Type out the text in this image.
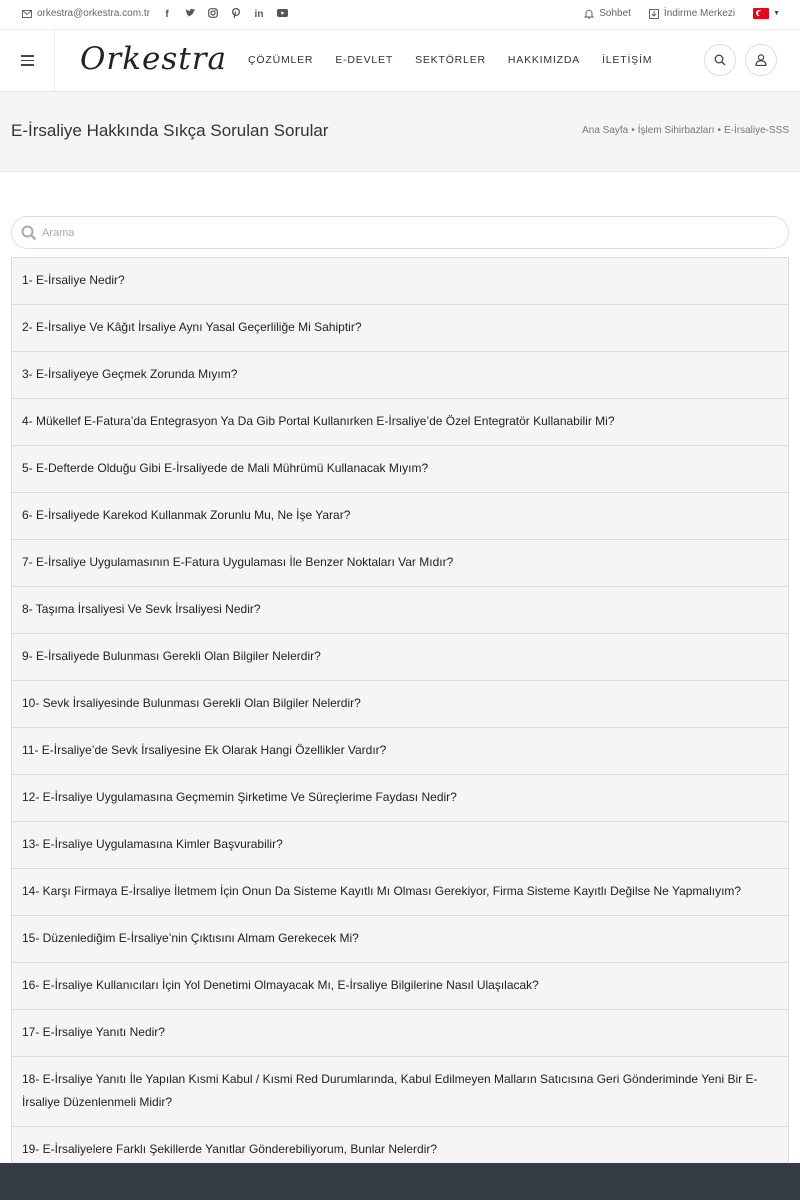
orkestra@orkestra.com.tr	f	in	Sohbet	İndirme Merkezi	▼
Orkestra ÇÖZÜMLER E-DEVLET SEKTÖRLER HAKKIMIZDA İLETİŞİM
E-İrsaliye Hakkında Sıkça Sorulan Sorular	Ana Sayfa • İşlem Sihirbazları • E-İrsaliye-SSS
Arama
1- E-İrsaliye Nedir?
2- E-İrsaliye Ve Kâğıt İrsaliye Aynı Yasal Geçerliliğe Mi Sahiptir?
3- E-İrsaliyeye Geçmek Zorunda Mıyım?
4- Mükellef E-Fatura’da Entegrasyon Ya Da Gib Portal Kullanırken E-İrsaliye’de Özel Entegratör Kullanabilir Mi?
5- E-Defterde Olduğu Gibi E-İrsaliyede de Mali Mührümü Kullanacak Mıyım?
6- E-İrsaliyede Karekod Kullanmak Zorunlu Mu, Ne İşe Yarar?
7- E-İrsaliye Uygulamasının E-Fatura Uygulaması İle Benzer Noktaları Var Mıdır?
8- Taşıma İrsaliyesi Ve Sevk İrsaliyesi Nedir?
9- E-İrsaliyede Bulunması Gerekli Olan Bilgiler Nelerdir?
10- Sevk İrsaliyesinde Bulunması Gerekli Olan Bilgiler Nelerdir?
11- E-İrsaliye’de Sevk İrsaliyesine Ek Olarak Hangi Özellikler Vardır?
12- E-İrsaliye Uygulamasına Geçmemin Şirketime Ve Süreçlerime Faydası Nedir?
13- E-İrsaliye Uygulamasına Kimler Başvurabilir?
14- Karşı Firmaya E-İrsaliye İletmem İçin Onun Da Sisteme Kayıtlı Mı Olması Gerekiyor, Firma Sisteme Kayıtlı Değilse Ne Yapmalıyım?
15- Düzenlediğim E-İrsaliye’nin Çıktısını Almam Gerekecek Mi?
16- E-İrsaliye Kullanıcıları İçin Yol Denetimi Olmayacak Mı, E-İrsaliye Bilgilerine Nasıl Ulaşılacak?
17- E-İrsaliye Yanıtı Nedir?
18- E-İrsaliye Yanıtı İle Yapılan Kısmi Kabul / Kısmi Red Durumlarında, Kabul Edilmeyen Malların Satıcısına Geri Gönderiminde Yeni Bir E-İrsaliye Düzenlenmeli Midir?
19- E-İrsaliyelere Farklı Şekillerde Yanıtlar Gönderebiliyorum, Bunlar Nelerdir?
